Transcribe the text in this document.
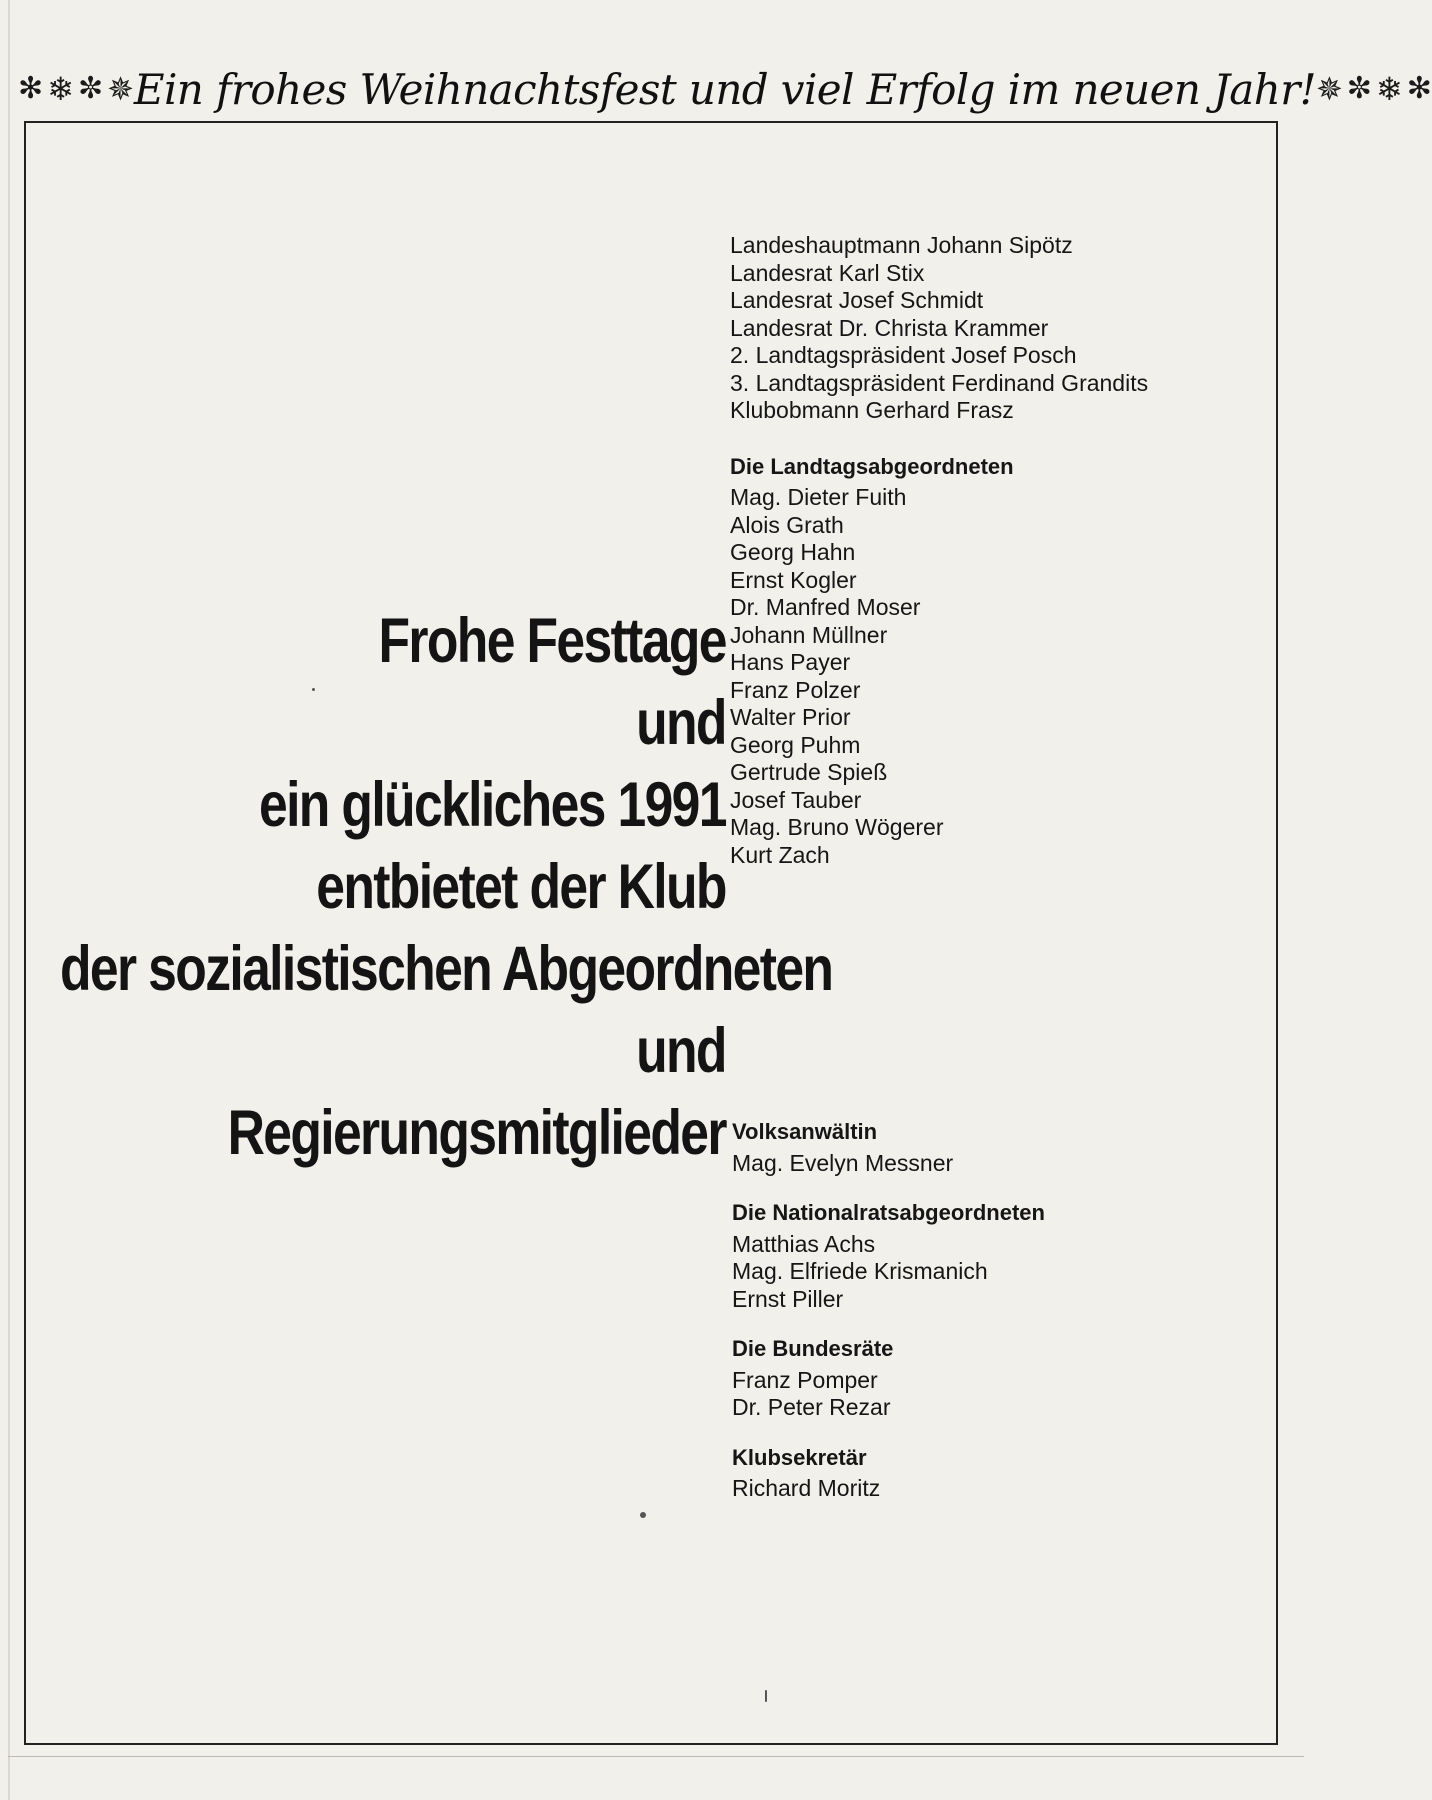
✻ ❄ ✼ ✵ Ein frohes Weihnachtsfest und viel Erfolg im neuen Jahr! ✵ ✼ ❄ ✻
Frohe Festtage
und
ein glückliches 1991
entbietet der Klub
der sozialistischen Abgeordneten
und
Regierungsmitglieder
Landeshauptmann Johann Sipötz
Landesrat Karl Stix
Landesrat Josef Schmidt
Landesrat Dr. Christa Krammer
2. Landtagspräsident Josef Posch
3. Landtagspräsident Ferdinand Grandits
Klubobmann Gerhard Frasz
Die Landtagsabgeordneten
Mag. Dieter Fuith
Alois Grath
Georg Hahn
Ernst Kogler
Dr. Manfred Moser
Johann Müllner
Hans Payer
Franz Polzer
Walter Prior
Georg Puhm
Gertrude Spieß
Josef Tauber
Mag. Bruno Wögerer
Kurt Zach
Volksanwältin
Mag. Evelyn Messner
Die Nationalratsabgeordneten
Matthias Achs
Mag. Elfriede Krismanich
Ernst Piller
Die Bundesräte
Franz Pomper
Dr. Peter Rezar
Klubsekretär
Richard Moritz
